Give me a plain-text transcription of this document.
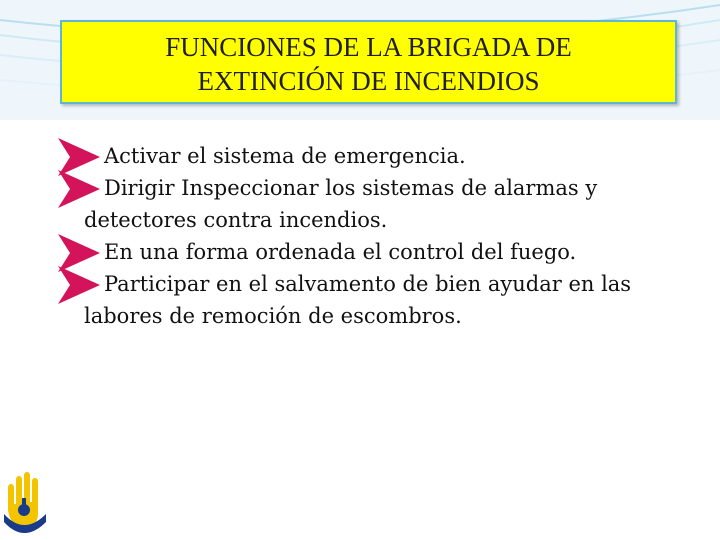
FUNCIONES DE LA BRIGADA DE
EXTINCIÓN DE INCENDIOS
Activar el sistema de emergencia.
Dirigir Inspeccionar los sistemas de alarmas y
detectores contra incendios.
En una forma ordenada el control del fuego.
Participar en el salvamento de bien ayudar en las
labores de remoción de escombros.
